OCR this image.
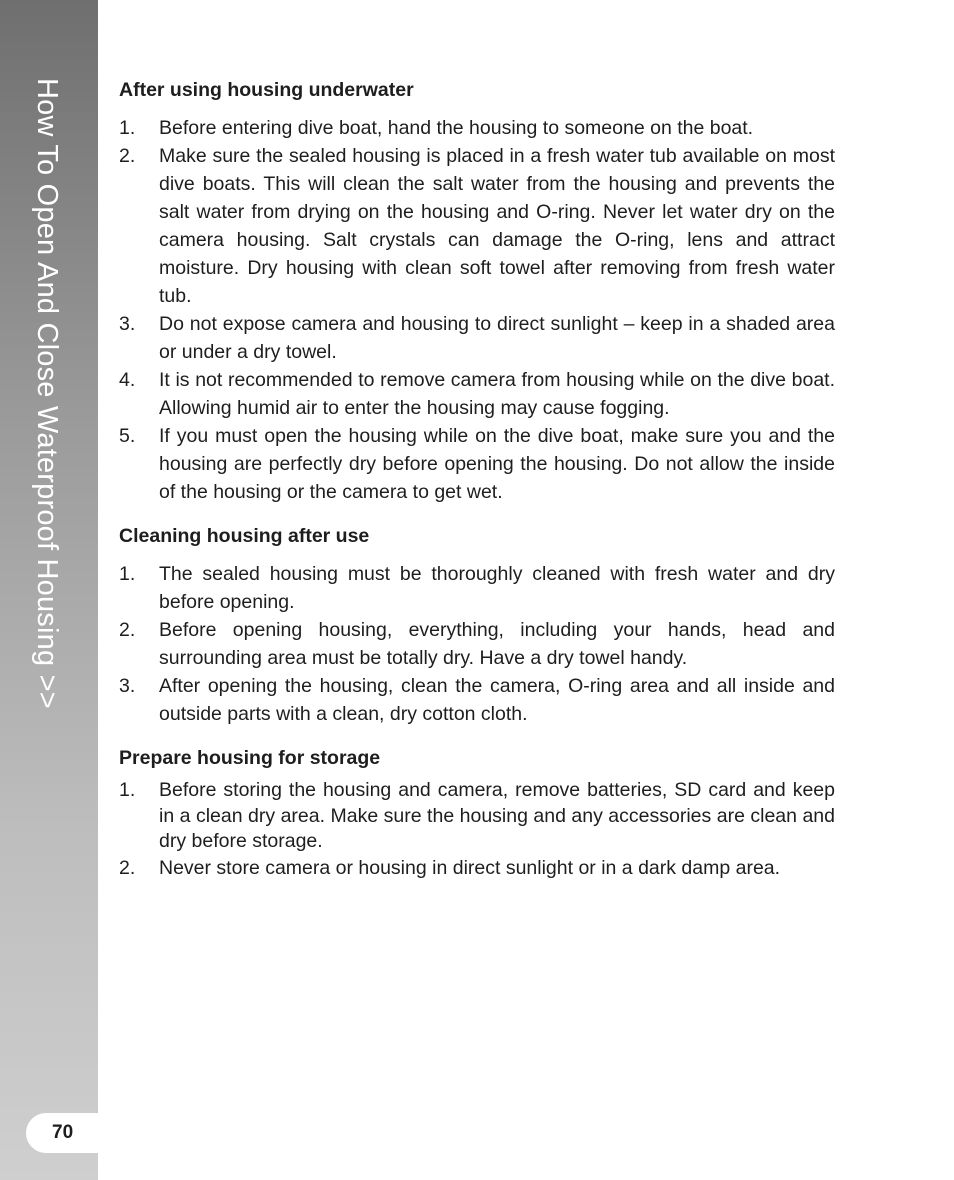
How To Open And Close Waterproof Housing >>
70
After using housing underwater
1. Before entering dive boat, hand the housing to someone on the boat.
2. Make sure the sealed housing is placed in a fresh water tub available on most dive boats. This will clean the salt water from the housing and prevents the salt water from drying on the housing and O-ring. Never let water dry on the camera housing. Salt crystals can damage the O-ring, lens and attract moisture. Dry housing with clean soft towel after removing from fresh water tub.
3. Do not expose camera and housing to direct sunlight – keep in a shaded area or under a dry towel.
4. It is not recommended to remove camera from housing while on the dive boat. Allowing humid air to enter the housing may cause fogging.
5. If you must open the housing while on the dive boat, make sure you and the housing are perfectly dry before opening the housing. Do not allow the inside of the housing or the camera to get wet.
Cleaning housing after use
1. The sealed housing must be thoroughly cleaned with fresh water and dry before opening.
2. Before opening housing, everything, including your hands, head and surrounding area must be totally dry. Have a dry towel handy.
3. After opening the housing, clean the camera, O-ring area and all inside and outside parts with a clean, dry cotton cloth.
Prepare housing for storage
1. Before storing the housing and camera, remove batteries, SD card and keep in a clean dry area. Make sure the housing and any accessories are clean and dry before storage.
2. Never store camera or housing in direct sunlight or in a dark damp area.
